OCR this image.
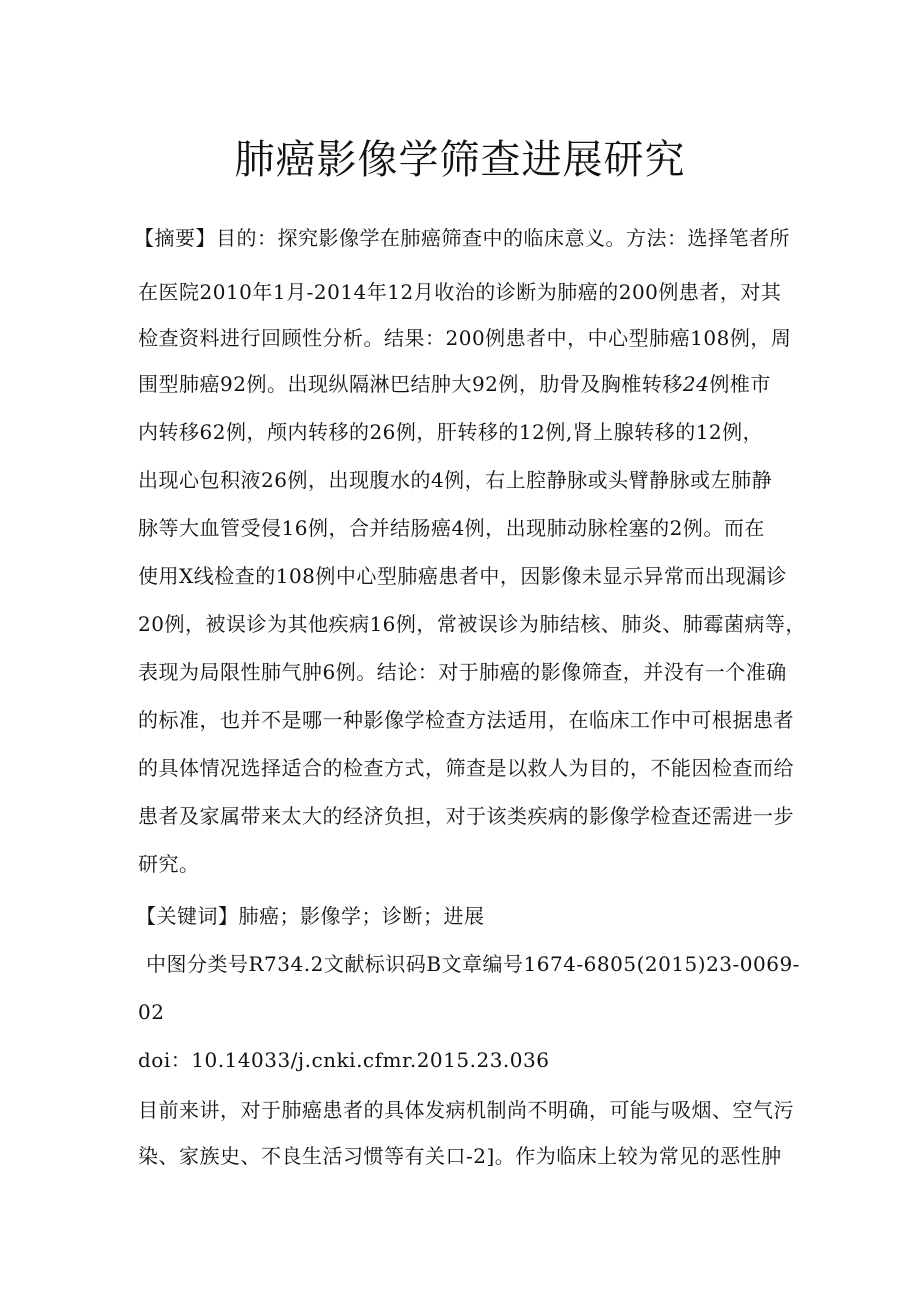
肺癌影像学筛查进展研究
【摘要】目的：探究影像学在肺癌筛查中的临床意义。方法：选择笔者所
在医院2010年1月-2014年12月收治的诊断为肺癌的200例患者，对其
检查资料进行回顾性分析。结果：200例患者中，中心型肺癌108例，周
围型肺癌92例。出现纵隔淋巴结肿大92例，肋骨及胸椎转移24例椎市
内转移62例，颅内转移的26例，肝转移的12例,肾上腺转移的12例，
出现心包积液26例，出现腹水的4例，右上腔静脉或头臂静脉或左肺静
脉等大血管受侵16例，合并结肠癌4例，出现肺动脉栓塞的2例。而在
使用X线检查的108例中心型肺癌患者中，因影像未显示异常而出现漏诊
20例，被误诊为其他疾病16例，常被误诊为肺结核、肺炎、肺霉菌病等，
表现为局限性肺气肿6例。结论：对于肺癌的影像筛查，并没有一个准确
的标准，也并不是哪一种影像学检查方法适用，在临床工作中可根据患者
的具体情况选择适合的检查方式，筛查是以救人为目的，不能因检查而给
患者及家属带来太大的经济负担，对于该类疾病的影像学检查还需进一步
研究。
【关键词】肺癌；影像学；诊断；进展
中图分类号R734.2文献标识码B文章编号1674-6805(2015)23-0069-
02
doi：10.14033/j.cnki.cfmr.2015.23.036
目前来讲，对于肺癌患者的具体发病机制尚不明确，可能与吸烟、空气污
染、家族史、不良生活习惯等有关口-2]。作为临床上较为常见的恶性肿
